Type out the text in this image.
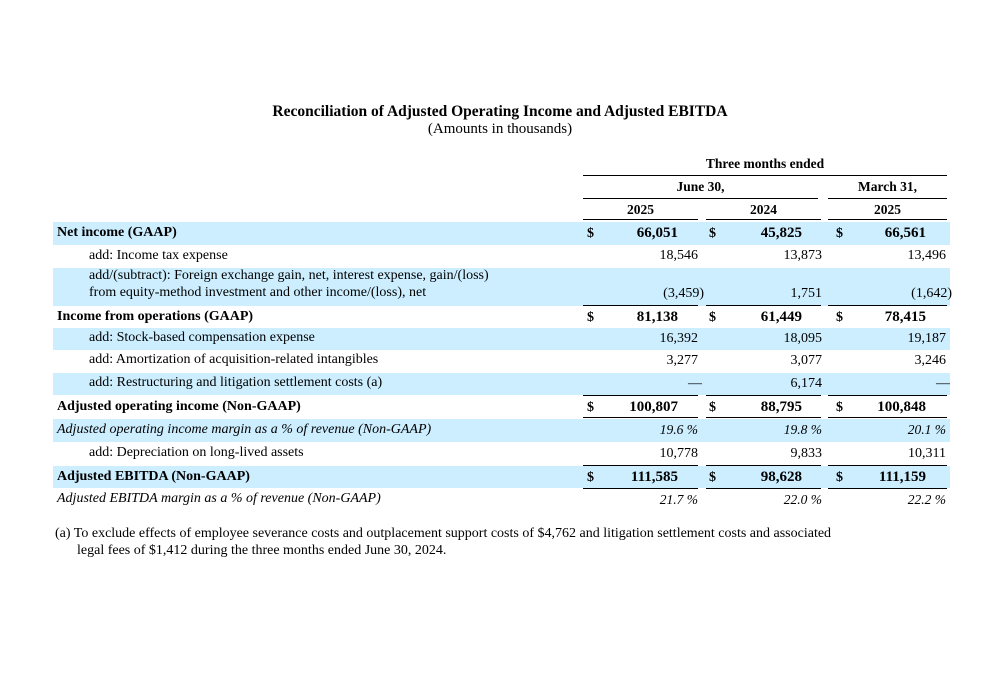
Reconciliation of Adjusted Operating Income and Adjusted EBITDA
(Amounts in thousands)
Three months ended
June 30,	March 31,
2025	2024	2025
Net income (GAAP)	$	66,051 $	45,825 $	66,561
add: Income tax expense	18,546	13,873	13,496
add/(subtract): Foreign exchange gain, net, interest expense, gain/(loss)
from equity-method investment and other income/(loss), net	(3,459)	1,751	(1,642)
Income from operations (GAAP)	$	81,138 $	61,449 $	78,415
add: Stock-based compensation expense	16,392	18,095	19,187
add: Amortization of acquisition-related intangibles	3,277	3,077	3,246
add: Restructuring and litigation settlement costs (a)	—	6,174	—
Adjusted operating income (Non-GAAP)	$	100,807 $	88,795 $	100,848
Adjusted operating income margin as a % of revenue (Non-GAAP)	19.6 %	19.8 %	20.1 %
add: Depreciation on long-lived assets	10,778	9,833	10,311
Adjusted EBITDA (Non-GAAP)	$	111,585 $	98,628 $	111,159
Adjusted EBITDA margin as a % of revenue (Non-GAAP)	21.7 %	22.0 %	22.2 %
(a) To exclude effects of employee severance costs and outplacement support costs of $4,762 and litigation settlement costs and associated
legal fees of $1,412 during the three months ended June 30, 2024.
